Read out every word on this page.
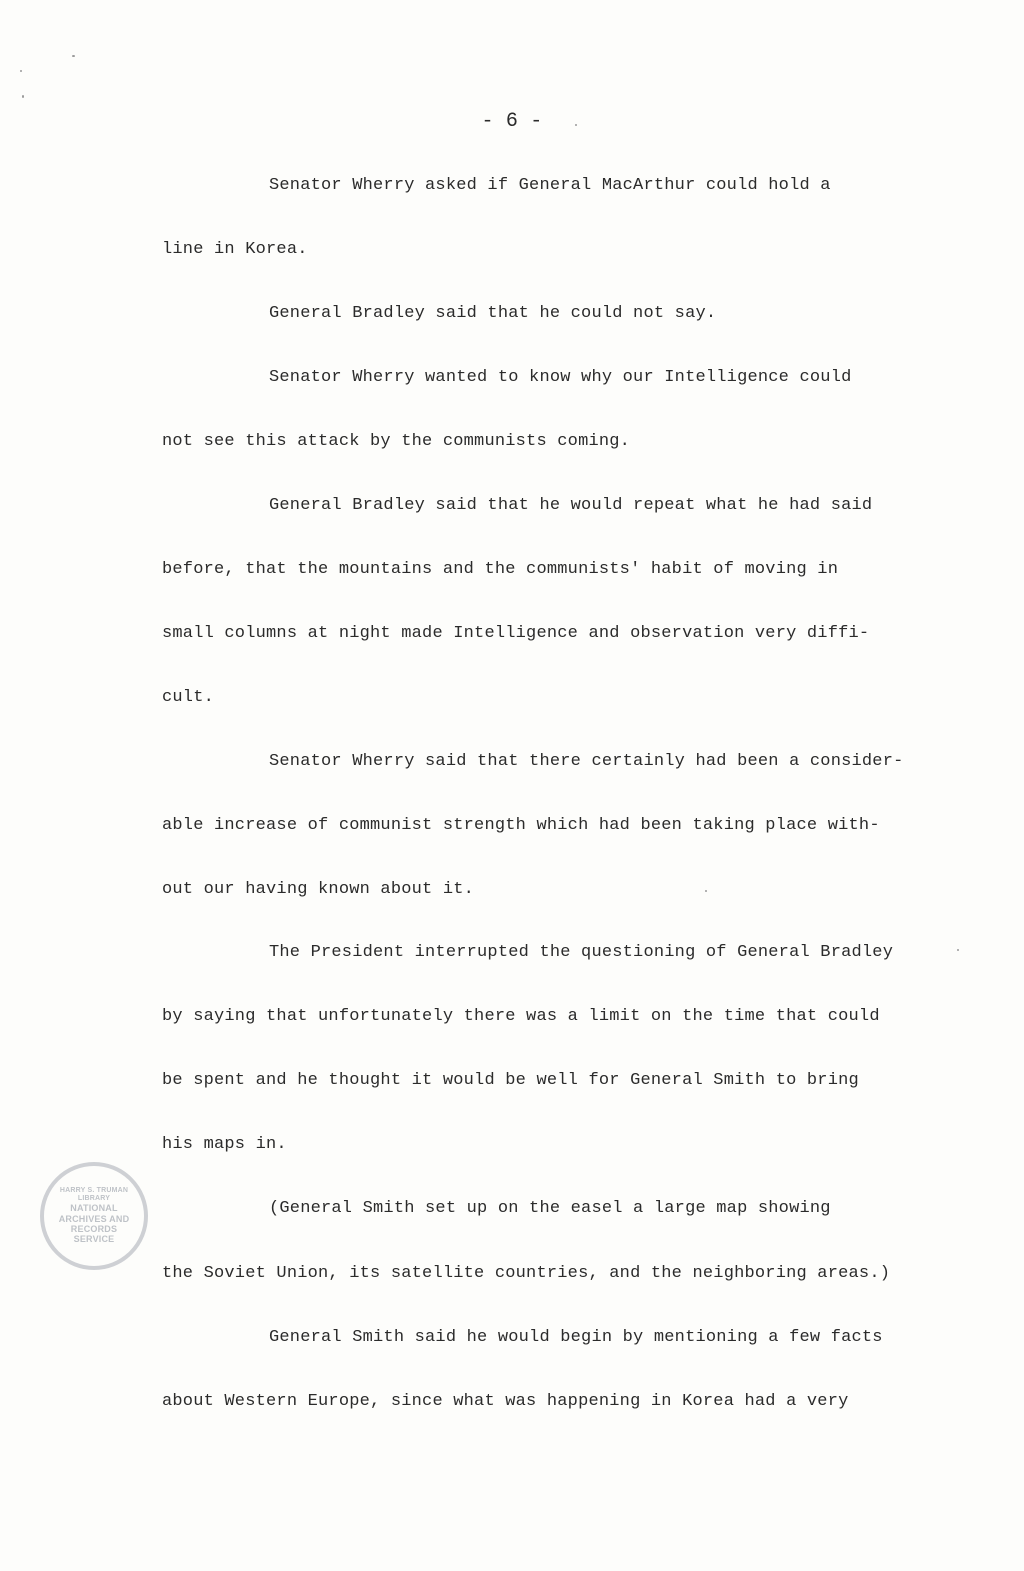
- 6 -
Senator Wherry asked if General MacArthur could hold a
line in Korea.
General Bradley said that he could not say.
Senator Wherry wanted to know why our Intelligence could
not see this attack by the communists coming.
General Bradley said that he would repeat what he had said
before, that the mountains and the communists' habit of moving in
small columns at night made Intelligence and observation very diffi-
cult.
Senator Wherry said that there certainly had been a consider-
able increase of communist strength which had been taking place with-
out our having known about it.
The President interrupted the questioning of General Bradley
by saying that unfortunately there was a limit on the time that could
be spent and he thought it would be well for General Smith to bring
his maps in.
(General Smith set up on the easel a large map showing
the Soviet Union, its satellite countries, and the neighboring areas.)
General Smith said he would begin by mentioning a few facts
about Western Europe, since what was happening in Korea had a very
HARRY S. TRUMAN LIBRARY
NATIONAL
ARCHIVES AND
RECORDS
SERVICE
